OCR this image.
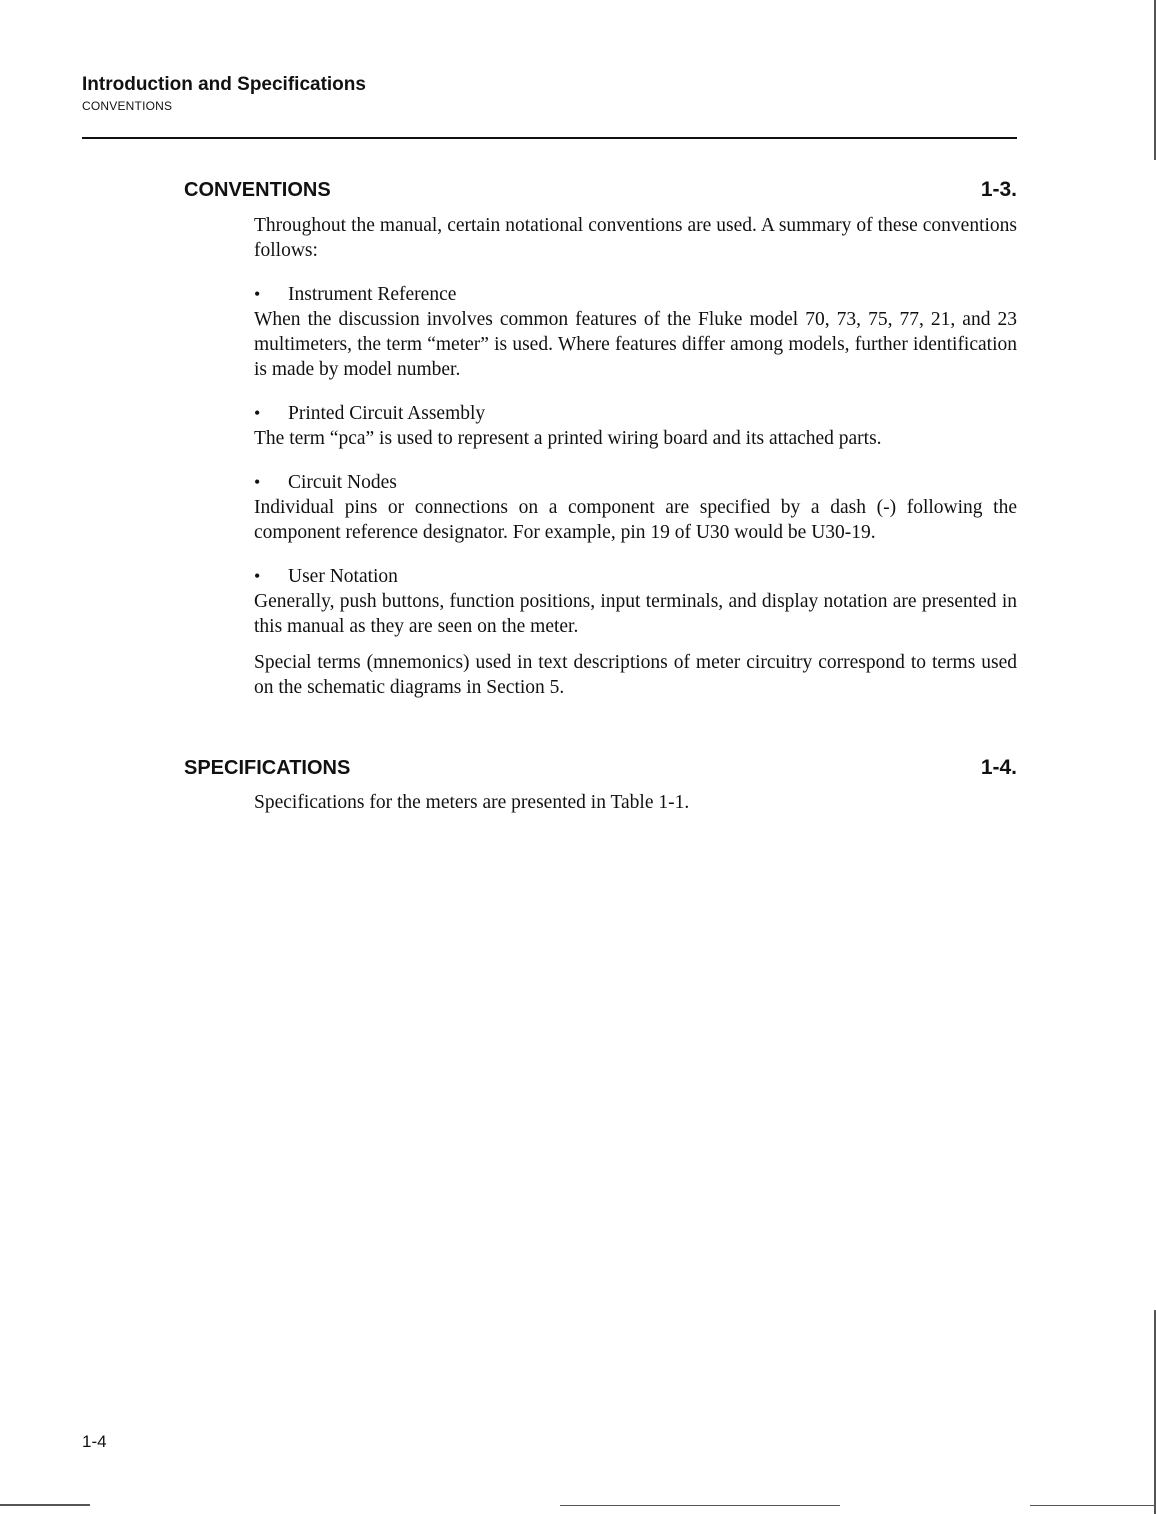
Introduction and Specifications
CONVENTIONS
CONVENTIONS	1-3.

Throughout the manual, certain notational conventions are used. A summary of these conventions follows:

•	Instrument Reference

When the discussion involves common features of the Fluke model 70, 73, 75, 77, 21, and 23 multimeters, the term “meter” is used. Where features differ among models, further identification is made by model number.

•	Printed Circuit Assembly

The term “pca” is used to represent a printed wiring board and its attached parts.

•	Circuit Nodes

Individual pins or connections on a component are specified by a dash (-) following the component reference designator. For example, pin 19 of U30 would be U30-19.

•	User Notation

Generally, push buttons, function positions, input terminals, and display notation are presented in this manual as they are seen on the meter.

Special terms (mnemonics) used in text descriptions of meter circuitry correspond to terms used on the schematic diagrams in Section 5.

SPECIFICATIONS	1-4.

Specifications for the meters are presented in Table 1-1.

1-4
